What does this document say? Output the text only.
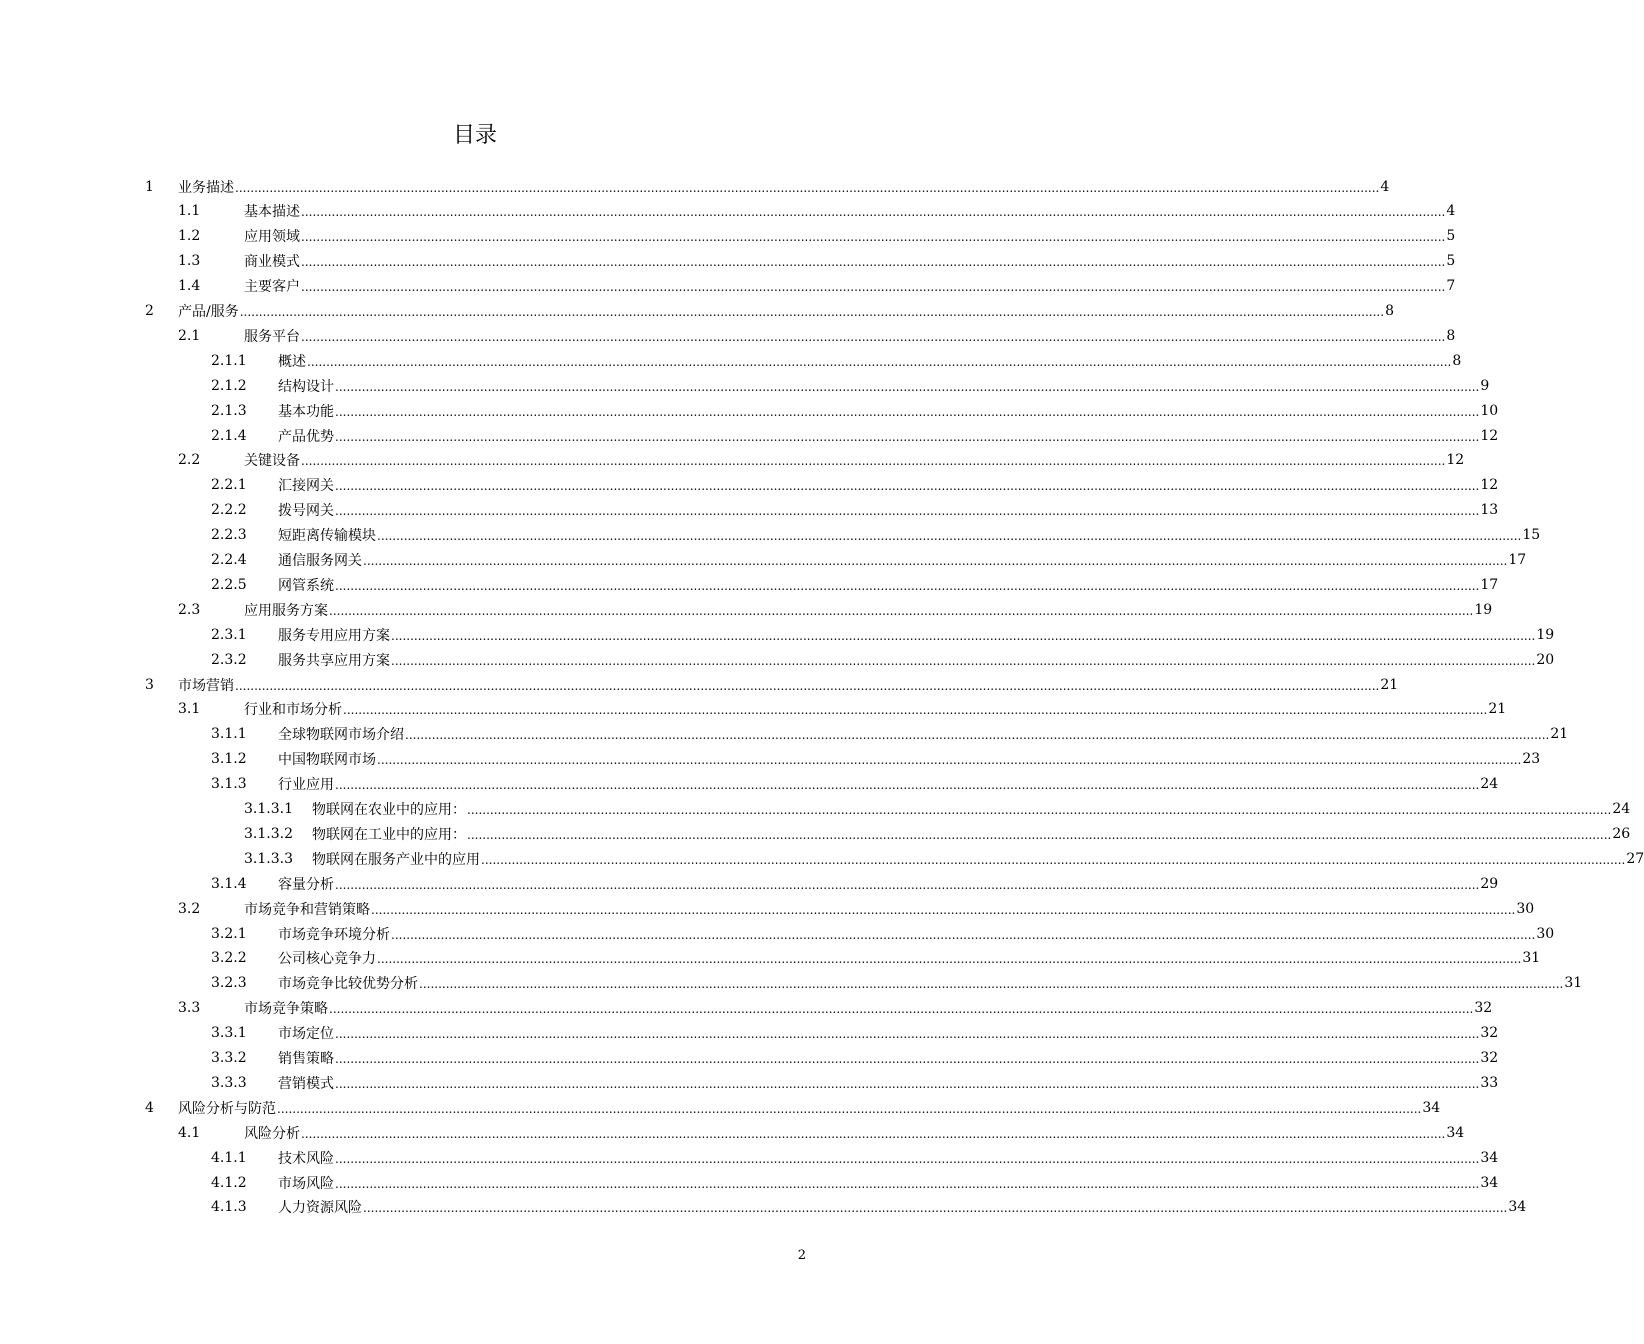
目录
1	业务描述 ............................................................................................................................................................................................................................................................................................................ 4
1.1	基本描述 ............................................................................................................................................................................................................................................................................................................ 4
1.2	应用领域 ............................................................................................................................................................................................................................................................................................................ 5
1.3	商业模式 ............................................................................................................................................................................................................................................................................................................ 5
1.4	主要客户 ............................................................................................................................................................................................................................................................................................................ 7
2	产品/服务 ............................................................................................................................................................................................................................................................................................................ 8
2.1	服务平台 ............................................................................................................................................................................................................................................................................................................ 8
2.1.1	概述 ............................................................................................................................................................................................................................................................................................................ 8
2.1.2	结构设计 ............................................................................................................................................................................................................................................................................................................ 9
2.1.3	基本功能 ............................................................................................................................................................................................................................................................................................................ 10
2.1.4	产品优势 ............................................................................................................................................................................................................................................................................................................ 12
2.2	关键设备 ............................................................................................................................................................................................................................................................................................................ 12
2.2.1	汇接网关 ............................................................................................................................................................................................................................................................................................................ 12
2.2.2	拨号网关 ............................................................................................................................................................................................................................................................................................................ 13
2.2.3	短距离传输模块 ............................................................................................................................................................................................................................................................................................................ 15
2.2.4	通信服务网关 ............................................................................................................................................................................................................................................................................................................ 17
2.2.5	网管系统 ............................................................................................................................................................................................................................................................................................................ 17
2.3	应用服务方案 ............................................................................................................................................................................................................................................................................................................ 19
2.3.1	服务专用应用方案 ............................................................................................................................................................................................................................................................................................................ 19
2.3.2	服务共享应用方案 ............................................................................................................................................................................................................................................................................................................ 20
3	市场营销 ............................................................................................................................................................................................................................................................................................................ 21
3.1	行业和市场分析 ............................................................................................................................................................................................................................................................................................................ 21
3.1.1	全球物联网市场介绍 ............................................................................................................................................................................................................................................................................................................ 21
3.1.2	中国物联网市场 ............................................................................................................................................................................................................................................................................................................ 23
3.1.3	行业应用 ............................................................................................................................................................................................................................................................................................................ 24
3.1.3.1	物联网在农业中的应用： ............................................................................................................................................................................................................................................................................................................ 24
3.1.3.2	物联网在工业中的应用： ............................................................................................................................................................................................................................................................................................................ 26
3.1.3.3	物联网在服务产业中的应用 ............................................................................................................................................................................................................................................................................................................ 27
3.1.4	容量分析 ............................................................................................................................................................................................................................................................................................................ 29
3.2	市场竞争和营销策略 ............................................................................................................................................................................................................................................................................................................ 30
3.2.1	市场竞争环境分析 ............................................................................................................................................................................................................................................................................................................ 30
3.2.2	公司核心竞争力 ............................................................................................................................................................................................................................................................................................................ 31
3.2.3	市场竞争比较优势分析 ............................................................................................................................................................................................................................................................................................................ 31
3.3	市场竞争策略 ............................................................................................................................................................................................................................................................................................................ 32
3.3.1	市场定位 ............................................................................................................................................................................................................................................................................................................ 32
3.3.2	销售策略 ............................................................................................................................................................................................................................................................................................................ 32
3.3.3	营销模式 ............................................................................................................................................................................................................................................................................................................ 33
4	风险分析与防范 ............................................................................................................................................................................................................................................................................................................ 34
4.1	风险分析 ............................................................................................................................................................................................................................................................................................................ 34
4.1.1	技术风险 ............................................................................................................................................................................................................................................................................................................ 34
4.1.2	市场风险 ............................................................................................................................................................................................................................................................................................................ 34
4.1.3	人力资源风险 ............................................................................................................................................................................................................................................................................................................ 34
2
